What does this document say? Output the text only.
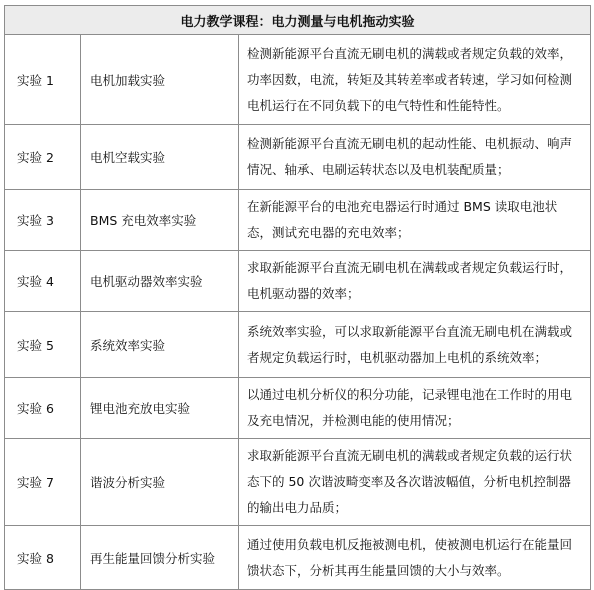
电力教学课程：电力测量与电机拖动实验		
实验 1	电机加载实验	检测新能源平台直流无刷电机的满载或者规定负载的效率，功率因数，电流，转矩及其转差率或者转速，学习如何检测电机运行在不同负载下的电气特性和性能特性。
实验 2	电机空载实验	检测新能源平台直流无刷电机的起动性能、电机振动、响声情况、轴承、电刷运转状态以及电机装配质量；
实验 3	BMS 充电效率实验	在新能源平台的电池充电器运行时通过 BMS 读取电池状态，测试充电器的充电效率；
实验 4	电机驱动器效率实验	求取新能源平台直流无刷电机在满载或者规定负载运行时，电机驱动器的效率；
实验 5	系统效率实验	系统效率实验，可以求取新能源平台直流无刷电机在满载或者规定负载运行时，电机驱动器加上电机的系统效率；
实验 6	锂电池充放电实验	以通过电机分析仪的积分功能，记录锂电池在工作时的用电及充电情况，并检测电能的使用情况；
实验 7	谐波分析实验	求取新能源平台直流无刷电机的满载或者规定负载的运行状态下的 50 次谐波畸变率及各次谐波幅值，分析电机控制器的输出电力品质；
实验 8	再生能量回馈分析实验	通过使用负载电机反拖被测电机，使被测电机运行在能量回馈状态下，分析其再生能量回馈的大小与效率。
